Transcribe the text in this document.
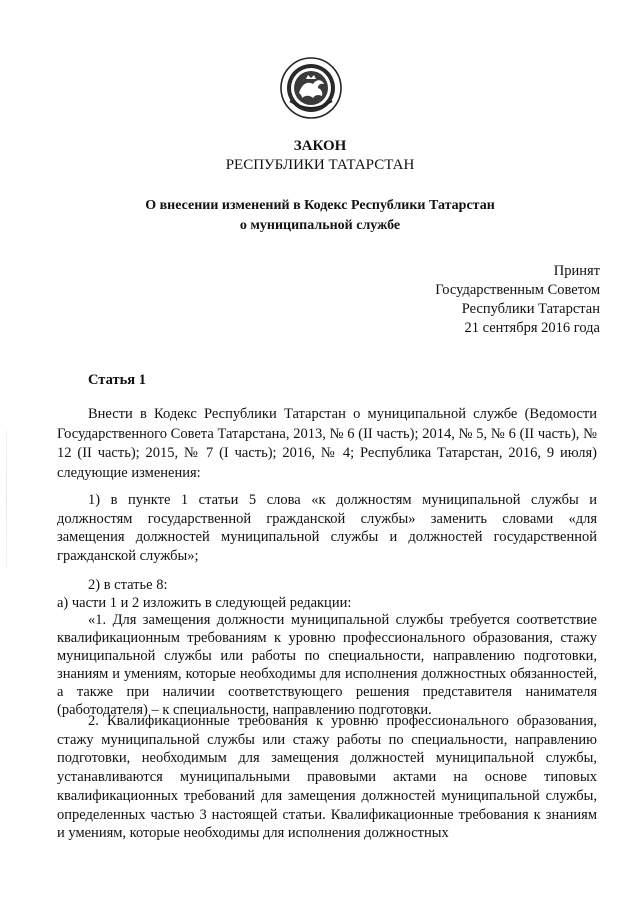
ЗАКОН
РЕСПУБЛИКИ ТАТАРСТАН
О внесении изменений в Кодекс Республики Татарстан
о муниципальной службе
Принят
Государственным Советом
Республики Татарстан
21 сентября 2016 года
Статья 1
Внести в Кодекс Республики Татарстан о муниципальной службе (Ведомости Государственного Совета Татарстана, 2013, № 6 (II часть); 2014, № 5, № 6 (II часть), № 12 (II часть); 2015, № 7 (I часть); 2016, № 4; Республика Татарстан, 2016, 9 июля) следующие изменения:
1) в пункте 1 статьи 5 слова «к должностям муниципальной службы и должностям государственной гражданской службы» заменить словами «для замещения должностей муниципальной службы и должностей государственной гражданской службы»;
2) в статье 8:
а) части 1 и 2 изложить в следующей редакции:
«1. Для замещения должности муниципальной службы требуется соответствие квалификационным требованиям к уровню профессионального образования, стажу муниципальной службы или работы по специальности, направлению подготовки, знаниям и умениям, которые необходимы для исполнения должностных обязанностей, а также при наличии соответствующего решения представителя нанимателя (работодателя) – к специальности, направлению подготовки.
2. Квалификационные требования к уровню профессионального образования, стажу муниципальной службы или стажу работы по специальности, направлению подготовки, необходимым для замещения должностей муниципальной службы, устанавливаются муниципальными правовыми актами на основе типовых квалификационных требований для замещения должностей муниципальной службы, определенных частью 3 настоящей статьи. Квалификационные требования к знаниям и умениям, которые необходимы для исполнения должностных
